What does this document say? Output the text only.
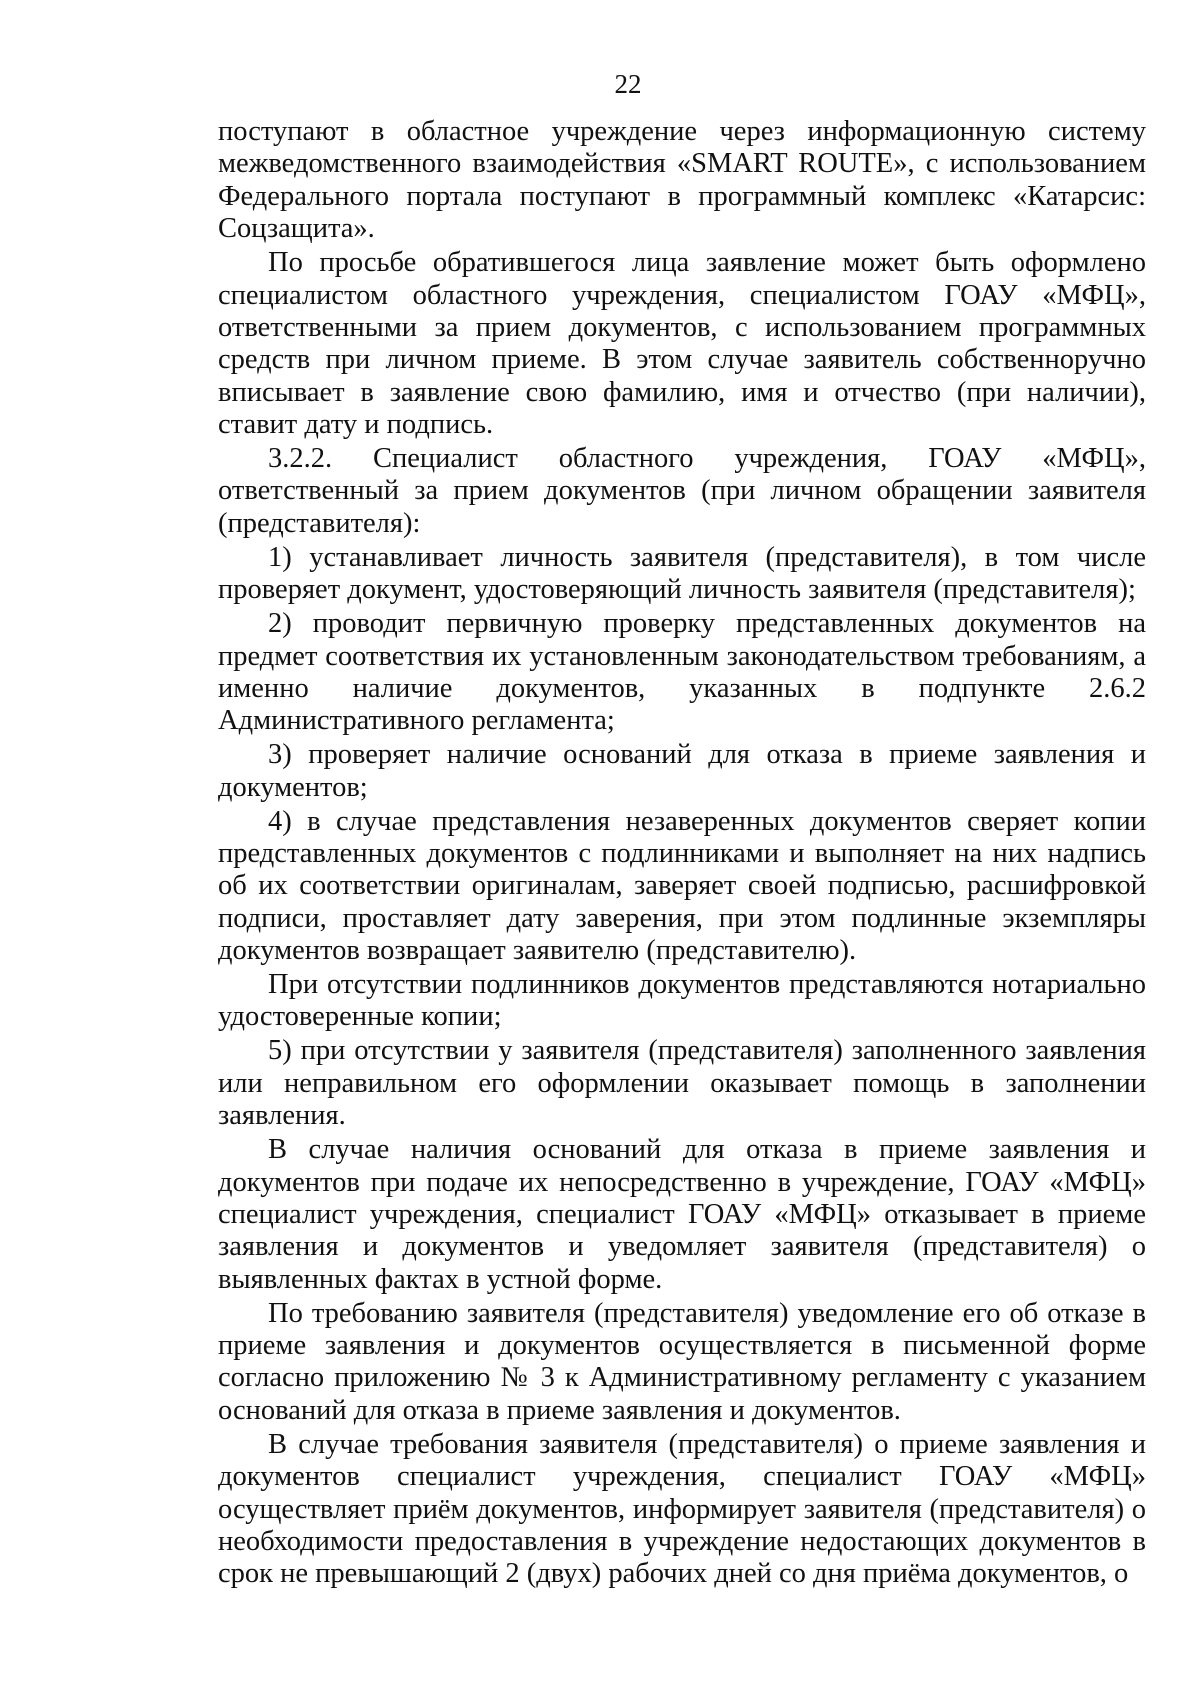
22

поступают в областное учреждение через информационную систему межведомственного взаимодействия «SMART ROUTE», с использованием Федерального портала поступают в программный комплекс «Катарсис: Соцзащита».

По просьбе обратившегося лица заявление может быть оформлено специалистом областного учреждения, специалистом ГОАУ «МФЦ», ответственными за прием документов, с использованием программных средств при личном приеме. В этом случае заявитель собственноручно вписывает в заявление свою фамилию, имя и отчество (при наличии), ставит дату и подпись.

3.2.2. Специалист областного учреждения, ГОАУ «МФЦ», ответственный за прием документов (при личном обращении заявителя (представителя):

1) устанавливает личность заявителя (представителя), в том числе проверяет документ, удостоверяющий личность заявителя (представителя);

2) проводит первичную проверку представленных документов на предмет соответствия их установленным законодательством требованиям, а именно наличие документов, указанных в подпункте 2.6.2 Административного регламента;

3) проверяет наличие оснований для отказа в приеме заявления и документов;

4) в случае представления незаверенных документов сверяет копии представленных документов с подлинниками и выполняет на них надпись об их соответствии оригиналам, заверяет своей подписью, расшифровкой подписи, проставляет дату заверения, при этом подлинные экземпляры документов возвращает заявителю (представителю).

При отсутствии подлинников документов представляются нотариально удостоверенные копии;

5) при отсутствии у заявителя (представителя) заполненного заявления или неправильном его оформлении оказывает помощь в заполнении заявления.

В случае наличия оснований для отказа в приеме заявления и документов при подаче их непосредственно в учреждение, ГОАУ «МФЦ» специалист учреждения, специалист ГОАУ «МФЦ» отказывает в приеме заявления и документов и уведомляет заявителя (представителя) о выявленных фактах в устной форме.

По требованию заявителя (представителя) уведомление его об отказе в приеме заявления и документов осуществляется в письменной форме согласно приложению № 3 к Административному регламенту с указанием оснований для отказа в приеме заявления и документов.

В случае требования заявителя (представителя) о приеме заявления и документов специалист учреждения, специалист ГОАУ «МФЦ» осуществляет приём документов, информирует заявителя (представителя) о необходимости предоставления в учреждение недостающих документов в срок не превышающий 2 (двух) рабочих дней со дня приёма документов, о
